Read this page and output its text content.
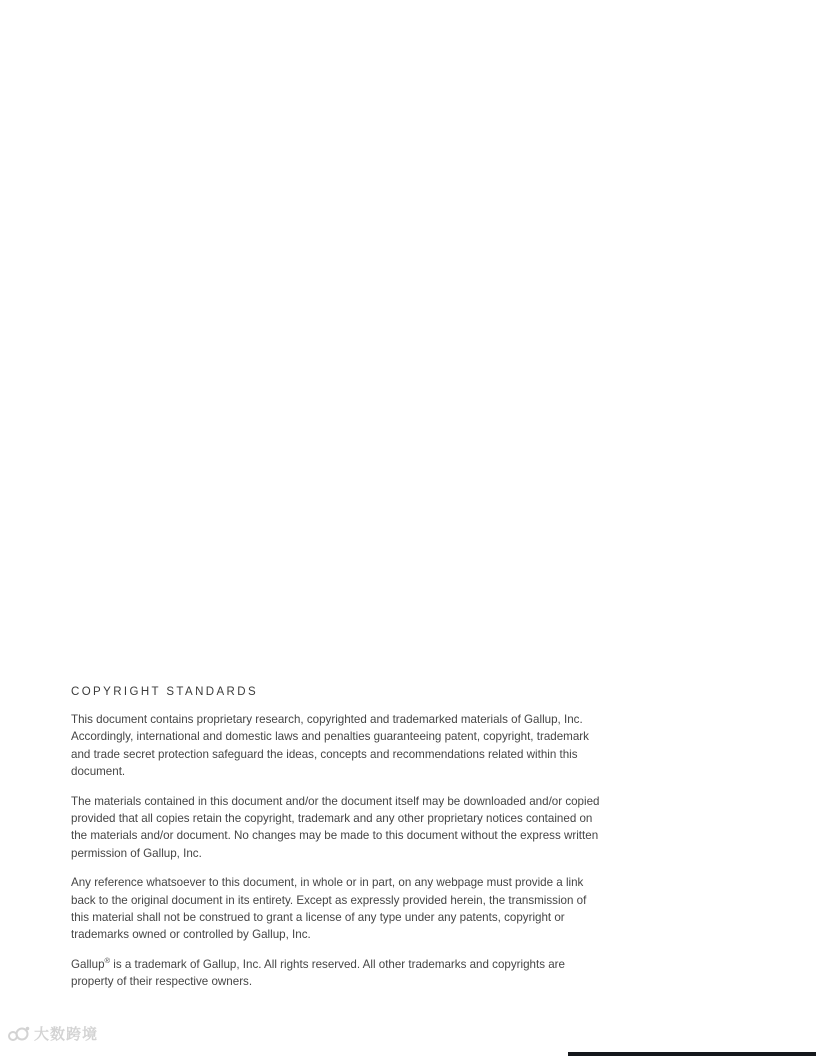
COPYRIGHT STANDARDS

This document contains proprietary research, copyrighted and trademarked materials of Gallup, Inc. Accordingly, international and domestic laws and penalties guaranteeing patent, copyright, trademark and trade secret protection safeguard the ideas, concepts and recommendations related within this document.

The materials contained in this document and/or the document itself may be downloaded and/or copied provided that all copies retain the copyright, trademark and any other proprietary notices contained on the materials and/or document. No changes may be made to this document without the express written permission of Gallup, Inc.

Any reference whatsoever to this document, in whole or in part, on any webpage must provide a link back to the original document in its entirety. Except as expressly provided herein, the transmission of this material shall not be construed to grant a license of any type under any patents, copyright or trademarks owned or controlled by Gallup, Inc.

Gallup® is a trademark of Gallup, Inc. All rights reserved. All other trademarks and copyrights are property of their respective owners.

大数跨境
